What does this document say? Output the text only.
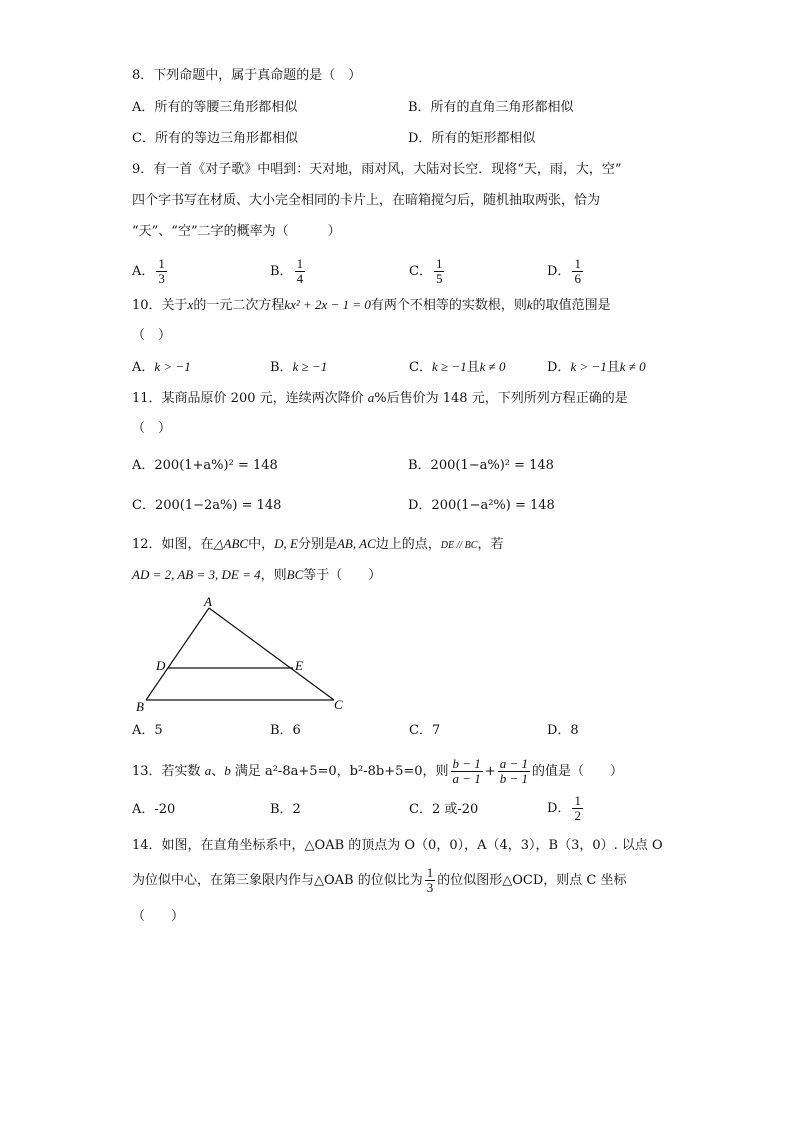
8．下列命题中，属于真命题的是（　）
A．所有的等腰三角形都相似	B．所有的直角三角形都相似
C．所有的等边三角形都相似	D．所有的矩形都相似
9．有一首《对子歌》中唱到：天对地，雨对风，大陆对长空．现将“天，雨，大，空”
四个字书写在材质、大小完全相同的卡片上，在暗箱搅匀后，随机抽取两张，恰为
“天”、“空”二字的概率为（　　　）
A． $\frac{1}{3}$	B． $\frac{1}{4}$	C． $\frac{1}{5}$	D． $\frac{1}{6}$
10．关于x的一元二次方程kx² + 2x − 1 = 0有两个不相等的实数根，则k的取值范围是
（　）
A．k > −1	B．k ≥ −1	C．k ≥ −1且k ≠ 0	D．k > −1且k ≠ 0
11．某商品原价 200 元，连续两次降价 a%后售价为 148 元，下列所列方程正确的是
（　）
A．200(1+a%)² = 148	B．200(1−a%)² = 148
C．200(1−2a%) = 148	D．200(1−a²%) = 148
12．如图，在△ABC中，D, E分别是AB, AC边上的点，DE // BC，若
AD = 2, AB = 3, DE = 4，则BC等于（　　）
A
B	C
D	E
A．5	B．6	C．7	D．8
13．若实数 a、b 满足 a²-8a+5=0，b²-8b+5=0，则 $\frac{b - 1}{a - 1} + \frac{a - 1}{b - 1}$ 的值是（　　）
A．-20	B．2	C．2 或-20	D． $\frac{1}{2}$
14．如图，在直角坐标系中，△OAB 的顶点为 O（0，0），A（4，3），B（3，0）. 以点 O
为位似中心，在第三象限内作与△OAB 的位似比为 $\frac{1}{3}$ 的位似图形△OCD，则点 C 坐标
（　　）
